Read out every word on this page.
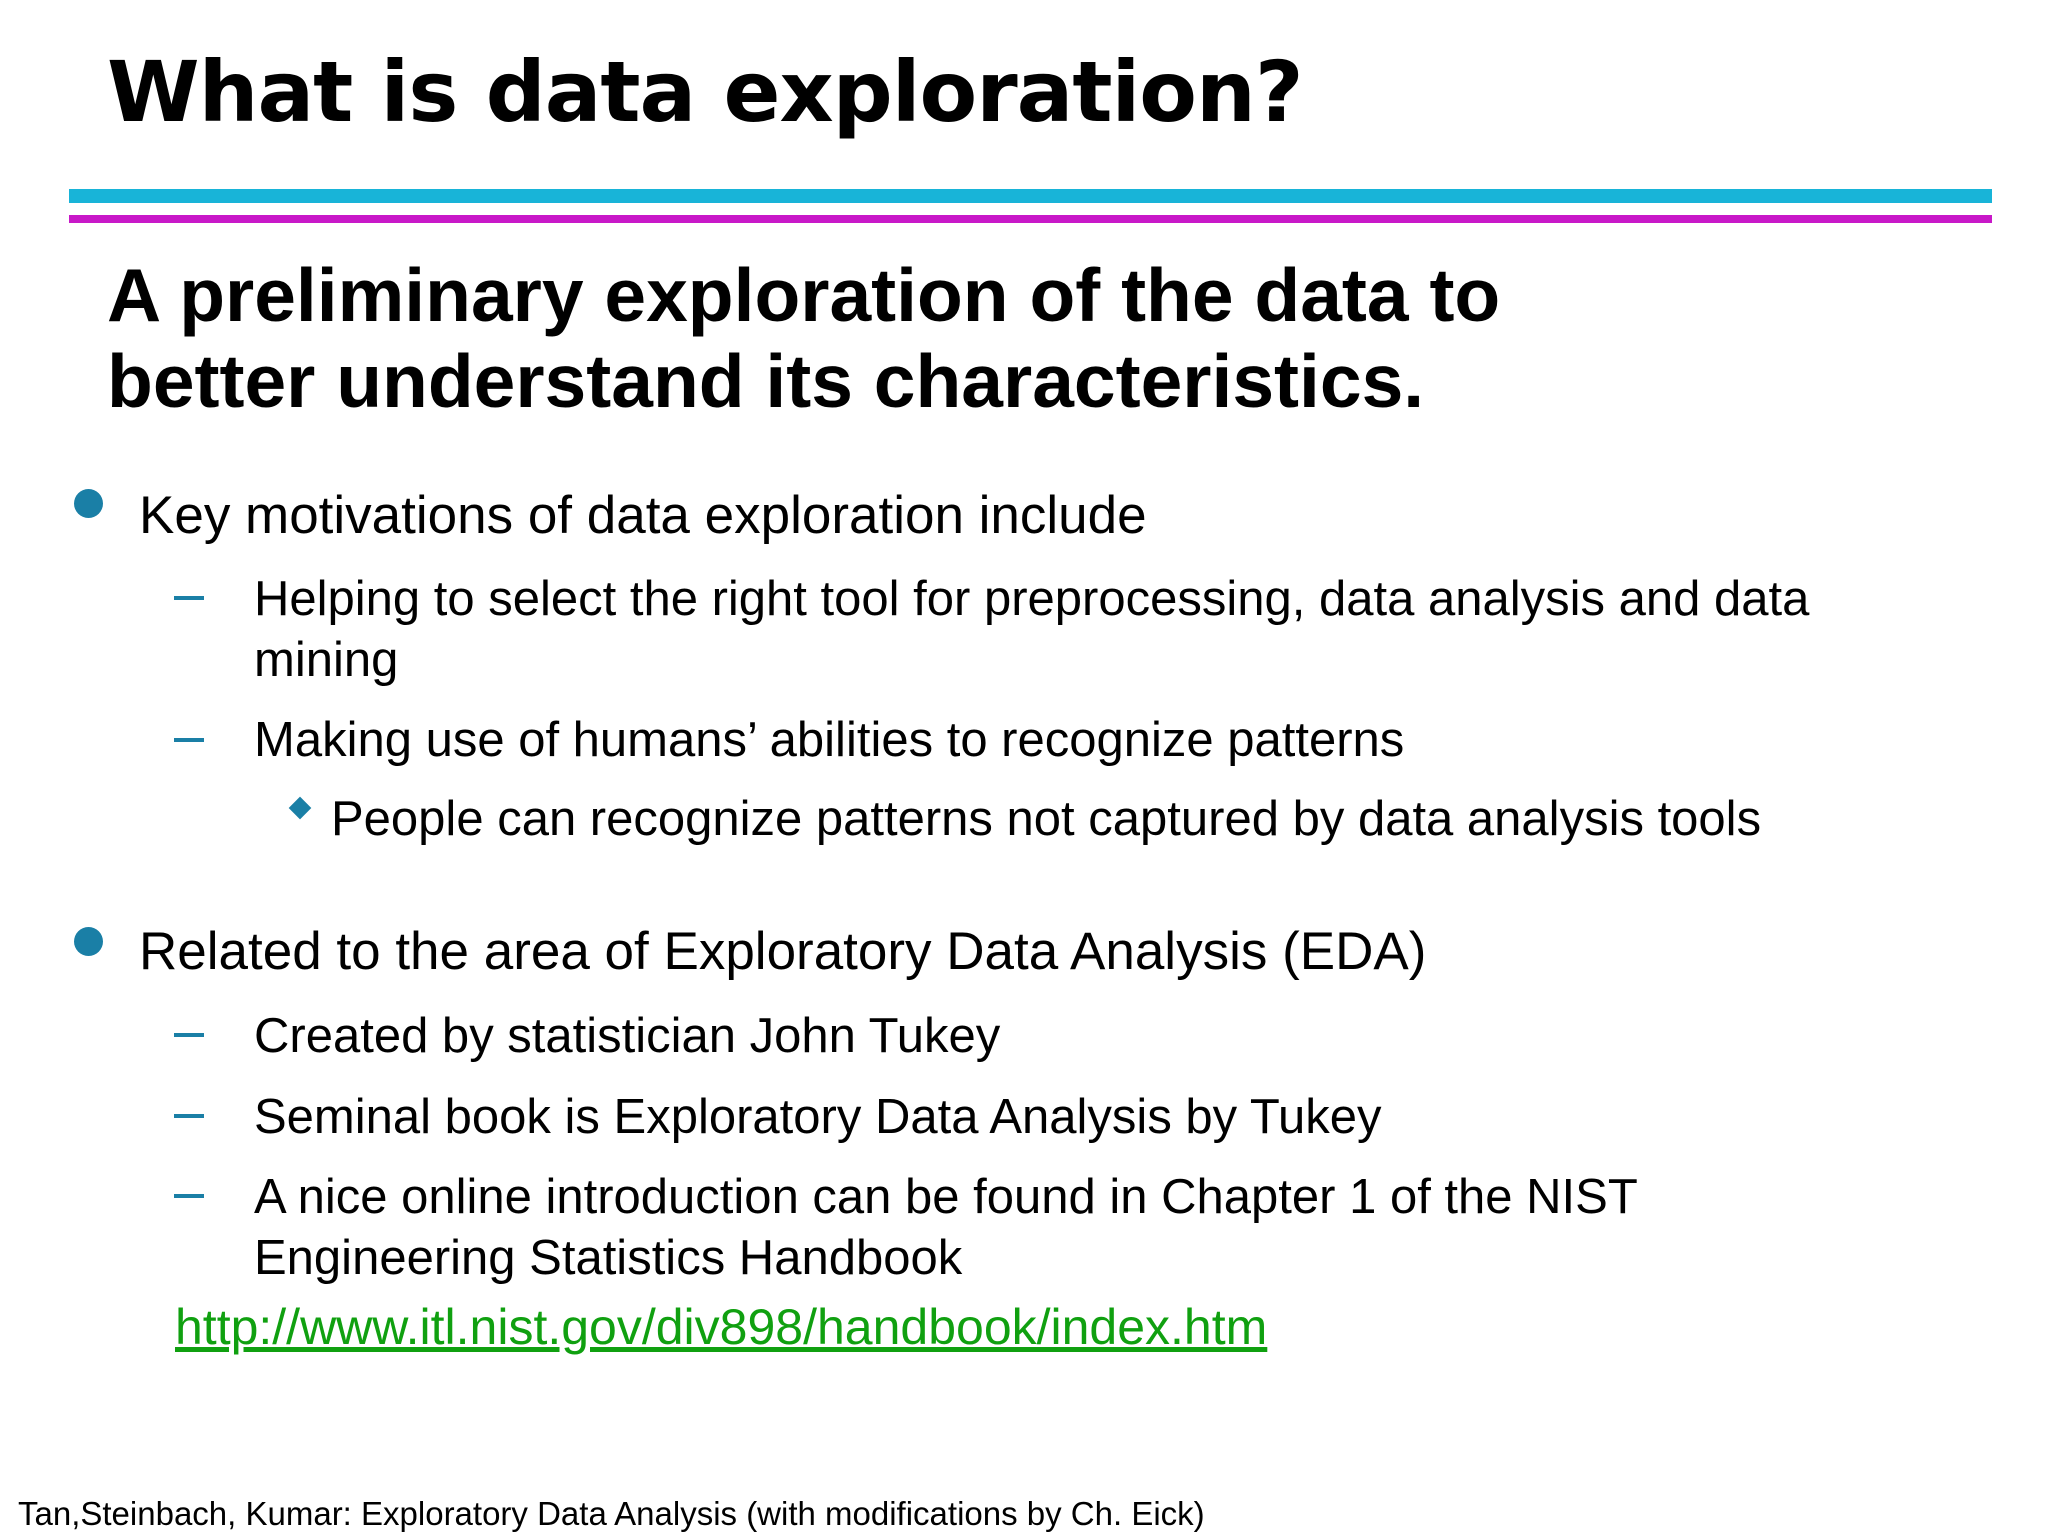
What is data exploration?
A preliminary exploration of the data to
better understand its characteristics.
Key motivations of data exploration include
Helping to select the right tool for preprocessing, data analysis and data
mining
Making use of humans’ abilities to recognize patterns
People can recognize patterns not captured by data analysis tools
Related to the area of Exploratory Data Analysis (EDA)
Created by statistician John Tukey
Seminal book is Exploratory Data Analysis by Tukey
A nice online introduction can be found in Chapter 1 of the NIST
Engineering Statistics Handbook
http://www.itl.nist.gov/div898/handbook/index.htm
Tan,Steinbach, Kumar: Exploratory Data Analysis (with modifications by Ch. Eick)
